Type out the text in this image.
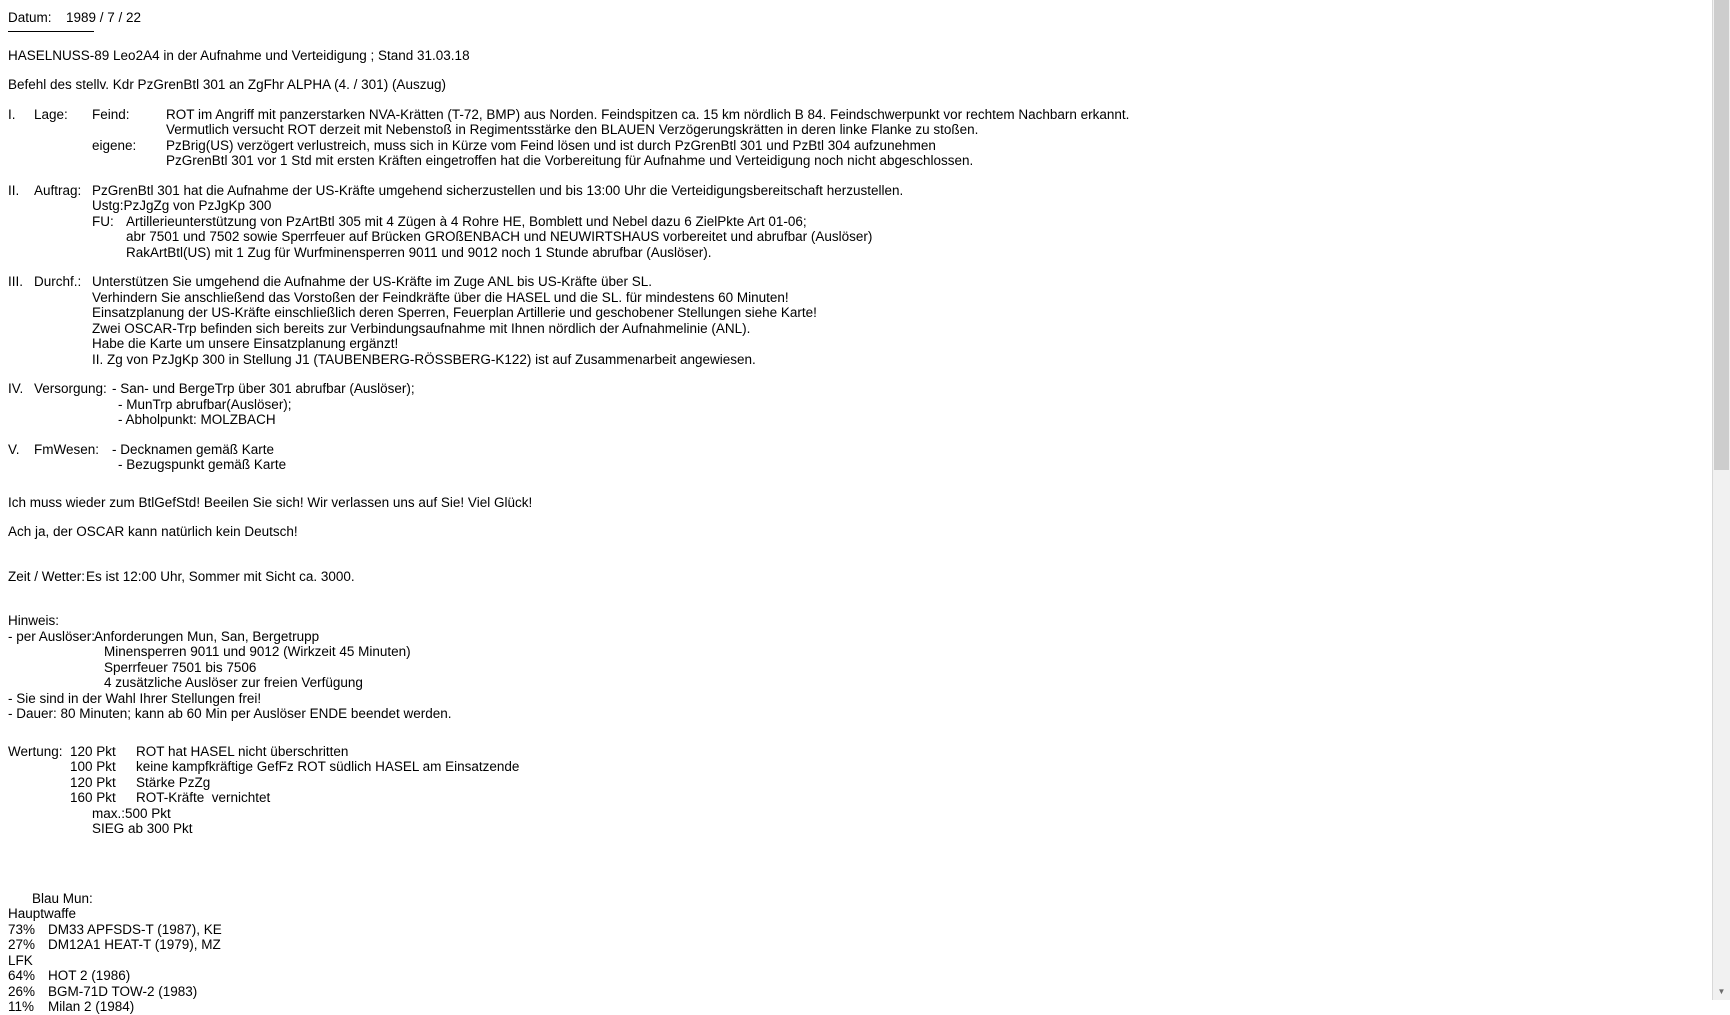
Datum:	1989 / 7 / 22
HASELNUSS-89 Leo2A4 in der Aufnahme und Verteidigung ; Stand 31.03.18
Befehl des stellv. Kdr PzGrenBtl 301 an ZgFhr ALPHA (4. / 301) (Auszug)
I.	Lage:	Feind:	ROT im Angriff mit panzerstarken NVA-Krätten (T-72, BMP) aus Norden. Feindspitzen ca. 15 km nördlich B 84. Feindschwerpunkt vor rechtem Nachbarn erkannt.
Vermutlich versucht ROT derzeit mit Nebenstoß in Regimentsstärke den BLAUEN Verzögerungskrätten in deren linke Flanke zu stoßen.
eigene:	PzBrig(US) verzögert verlustreich, muss sich in Kürze vom Feind lösen und ist durch PzGrenBtl 301 und PzBtl 304 aufzunehmen
PzGrenBtl 301 vor 1 Std mit ersten Kräften eingetroffen hat die Vorbereitung für Aufnahme und Verteidigung noch nicht abgeschlossen.
II.	Auftrag: PzGrenBtl 301 hat die Aufnahme der US-Kräfte umgehend sicherzustellen und bis 13:00 Uhr die Verteidigungsbereitschaft herzustellen.
Ustg:PzJgZg von PzJgKp 300
FU: Artillerieunterstützung von PzArtBtl 305 mit 4 Zügen à 4 Rohre HE, Bomblett und Nebel dazu 6 ZielPkte Art 01-06;
abr 7501 und 7502 sowie Sperrfeuer auf Brücken GROßENBACH und NEUWIRTSHAUS vorbereitet und abrufbar (Auslöser)
RakArtBtl(US) mit 1 Zug für Wurfminensperren 9011 und 9012 noch 1 Stunde abrufbar (Auslöser).
III. Durchf.: Unterstützen Sie umgehend die Aufnahme der US-Kräfte im Zuge ANL bis US-Kräfte über SL.
Verhindern Sie anschließend das Vorstoßen der Feindkräfte über die HASEL und die SL. für mindestens 60 Minuten!
Einsatzplanung der US-Kräfte einschließlich deren Sperren, Feuerplan Artillerie und geschobener Stellungen siehe Karte!
Zwei OSCAR-Trp befinden sich bereits zur Verbindungsaufnahme mit Ihnen nördlich der Aufnahmelinie (ANL).
Habe die Karte um unsere Einsatzplanung ergänzt!
II. Zg von PzJgKp 300 in Stellung J1 (TAUBENBERG-RÖSSBERG-K122) ist auf Zusammenarbeit angewiesen.
IV. Versorgung: - San- und BergeTrp über 301 abrufbar (Auslöser);
- MunTrp abrufbar(Auslöser);
- Abholpunkt: MOLZBACH
V.	FmWesen: - Decknamen gemäß Karte
- Bezugspunkt gemäß Karte
Ich muss wieder zum BtlGefStd! Beeilen Sie sich! Wir verlassen uns auf Sie! Viel Glück!
Ach ja, der OSCAR kann natürlich kein Deutsch!
Zeit / Wetter: Es ist 12:00 Uhr, Sommer mit Sicht ca. 3000.
Hinweis:
- per Auslöser:
Anforderungen Mun, San, Bergetrupp
Minensperren 9011 und 9012 (Wirkzeit 45 Minuten)
Sperrfeuer 7501 bis 7506
4 zusätzliche Auslöser zur freien Verfügung
- Sie sind in der Wahl Ihrer Stellungen frei!
- Dauer: 80 Minuten; kann ab 60 Min per Auslöser ENDE beendet werden.
Wertung: 120 Pkt	ROT hat HASEL nicht überschritten
100 Pkt	keine kampfkräftige GefFz ROT südlich HASEL am Einsatzende
120 Pkt	Stärke PzZg
160 Pkt	ROT-Kräfte  vernichtet
max.:500 Pkt
SIEG ab 300 Pkt
Blau Mun:
Hauptwaffe
73% DM33 APFSDS-T (1987), KE
27% DM12A1 HEAT-T (1979), MZ
LFK
64% HOT 2 (1986)
26% BGM-71D TOW-2 (1983)
11%	Milan 2 (1984)
▼
